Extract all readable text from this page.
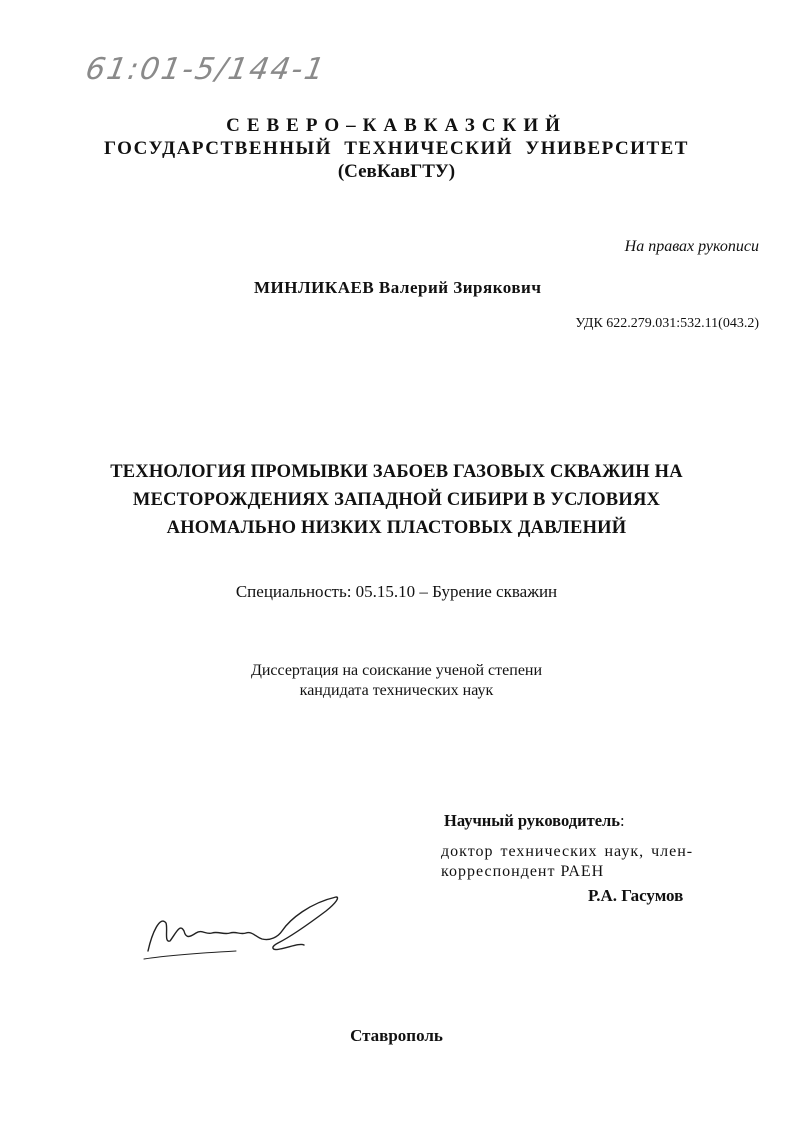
61:01-5/144-1
СЕВЕРО–КАВКАЗСКИЙ
ГОСУДАРСТВЕННЫЙ ТЕХНИЧЕСКИЙ УНИВЕРСИТЕТ
(СевКавГТУ)
На правах рукописи
МИНЛИКАЕВ Валерий Зирякович
УДК 622.279.031:532.11(043.2)
ТЕХНОЛОГИЯ ПРОМЫВКИ ЗАБОЕВ ГАЗОВЫХ СКВАЖИН НА
МЕСТОРОЖДЕНИЯХ ЗАПАДНОЙ СИБИРИ В УСЛОВИЯХ
АНОМАЛЬНО НИЗКИХ ПЛАСТОВЫХ ДАВЛЕНИЙ
Специальность: 05.15.10 – Бурение скважин
Диссертация на соискание ученой степени
кандидата технических наук
Научный руководитель:
доктор технических наук, член-
корреспондент РАЕН
Р.А. Гасумов
Ставрополь
